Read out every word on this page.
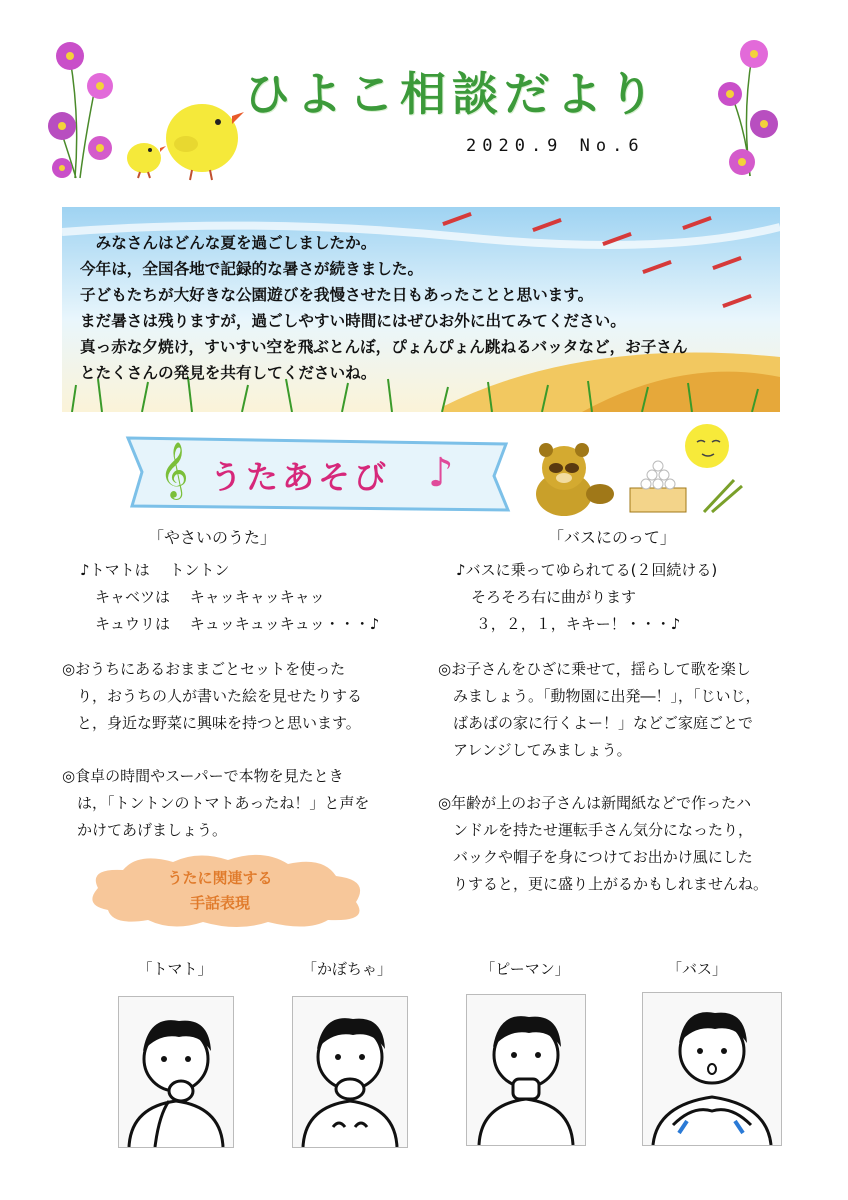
ひよこ相談だより
2020.9 No.6
　みなさんはどんな夏を過ごしましたか。
今年は，全国各地で記録的な暑さが続きました。
子どもたちが大好きな公園遊びを我慢させた日もあったことと思います。
まだ暑さは残りますが，過ごしやすい時間にはぜひお外に出てみてください。
真っ赤な夕焼け，すいすい空を飛ぶとんぼ，ぴょんぴょん跳ねるバッタなど，お子さん
とたくさんの発見を共有してくださいね。
𝄞 うたあそび ♪
「やさいのうた」
♪トマトは　 トントン
　キャベツは　 キャッキャッキャッ
　キュウリは　 キュッキュッキュッ・・・♪
◎おうちにあるおままごとセットを使った
　り，おうちの人が書いた絵を見せたりする
　と，身近な野菜に興味を持つと思います。
◎食卓の時間やスーパーで本物を見たとき
　は，「トントンのトマトあったね！」と声を
　かけてあげましょう。
「バスにのって」
♪バスに乗ってゆられてる(２回続ける)
　そろそろ右に曲がります
　 ３，２，１，キキー！・・・♪
◎お子さんをひざに乗せて，揺らして歌を楽し
　みましょう。「動物園に出発―！」，「じいじ，
　ばあばの家に行くよー！」などご家庭ごとで
　アレンジしてみましょう。
◎年齢が上のお子さんは新聞紙などで作ったハ
　ンドルを持たせ運転手さん気分になったり，
　バックや帽子を身につけてお出かけ風にした
　りすると，更に盛り上がるかもしれませんね。
うたに関連する
手話表現
「トマト」	「かぼちゃ」	「ピーマン」	「バス」
